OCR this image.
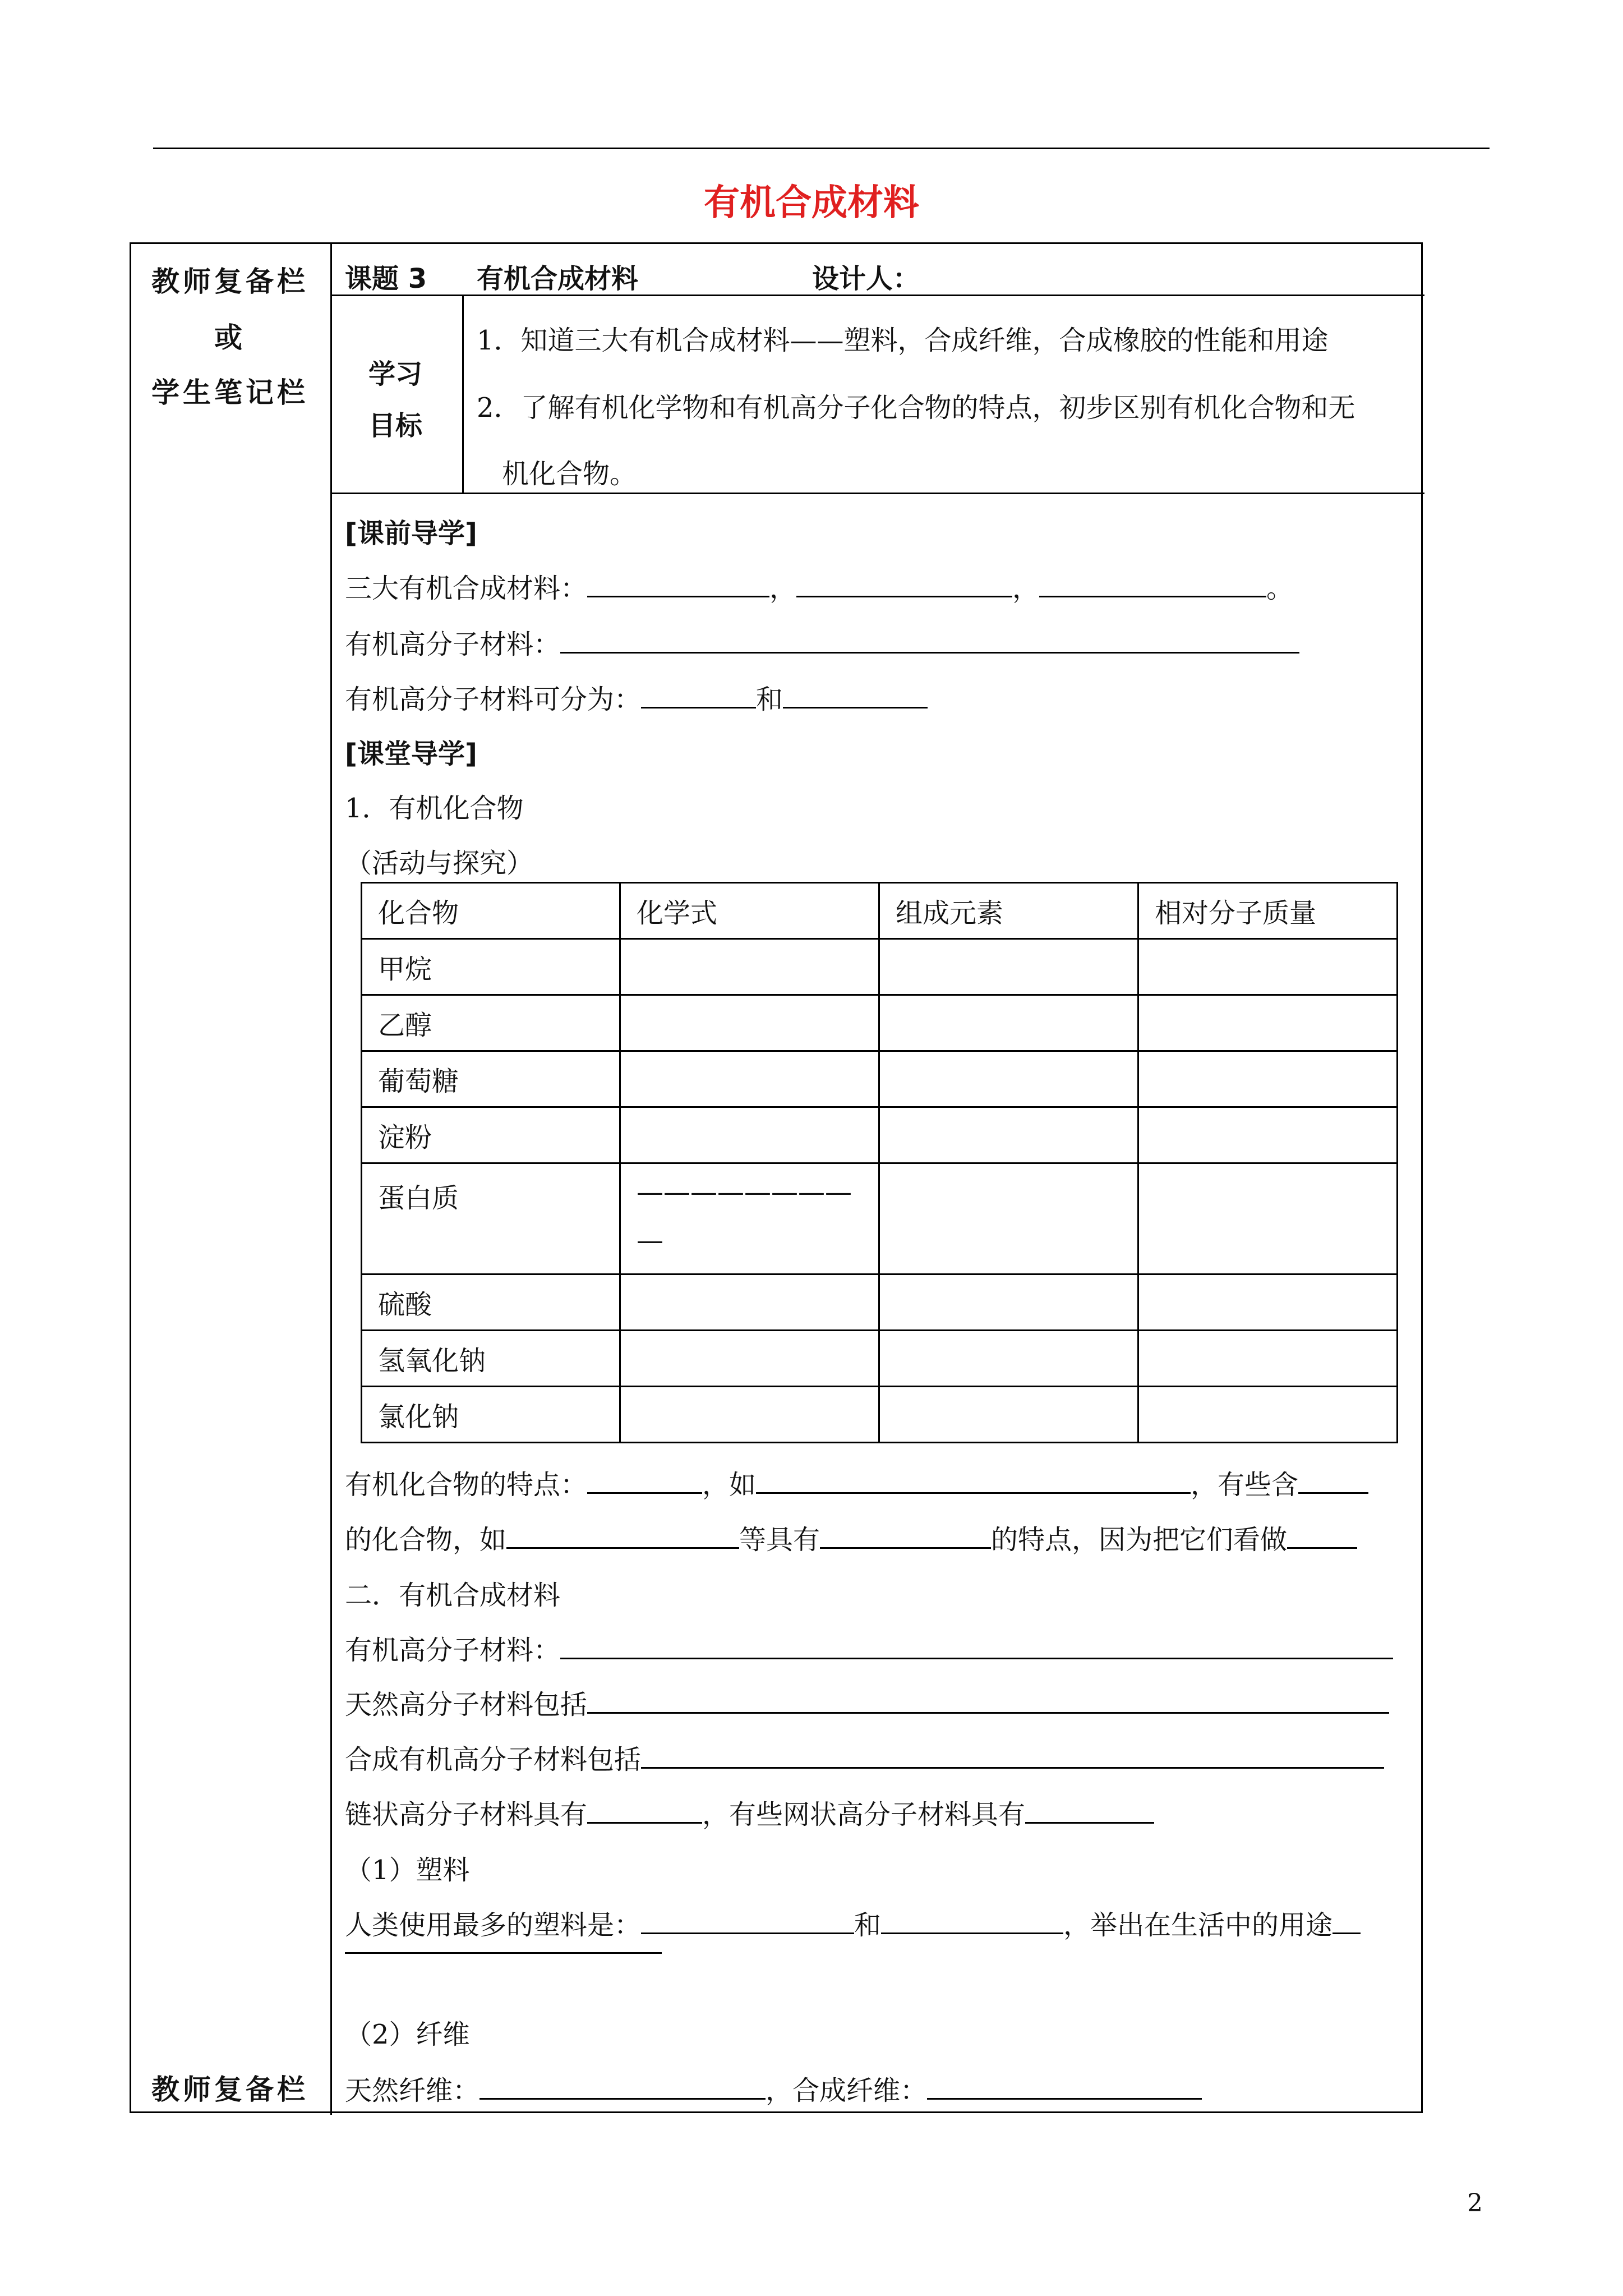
有机合成材料
教师复备栏
或
学生笔记栏
教师复备栏
课题 3 有机合成材料	设计人：
学习
目标
1．知道三大有机合成材料——塑料，合成纤维，合成橡胶的性能和用途
2．了解有机化学物和有机高分子化合物的特点，初步区别有机化合物和无
机化合物。
[课前导学]
三大有机合成材料：	，	，	。
有机高分子材料：
有机高分子材料可分为：	和
[课堂导学]
1．有机化合物
（活动与探究）
化合物	化学式	组成元素	相对分子质量
甲烷			
乙醇			
葡萄糖			
淀粉			
蛋白质	————————
—		

硫酸			
氢氧化钠			
氯化钠			
有机化合物的特点：	，如	，有些含
的化合物，如	等具有	的特点，因为把它们看做
二．有机合成材料
有机高分子材料：
天然高分子材料包括
合成有机高分子材料包括
链状高分子材料具有	，有些网状高分子材料具有
（1）塑料
人类使用最多的塑料是：	和	，举出在生活中的用途
（2）纤维
天然纤维：	，合成纤维：
2
